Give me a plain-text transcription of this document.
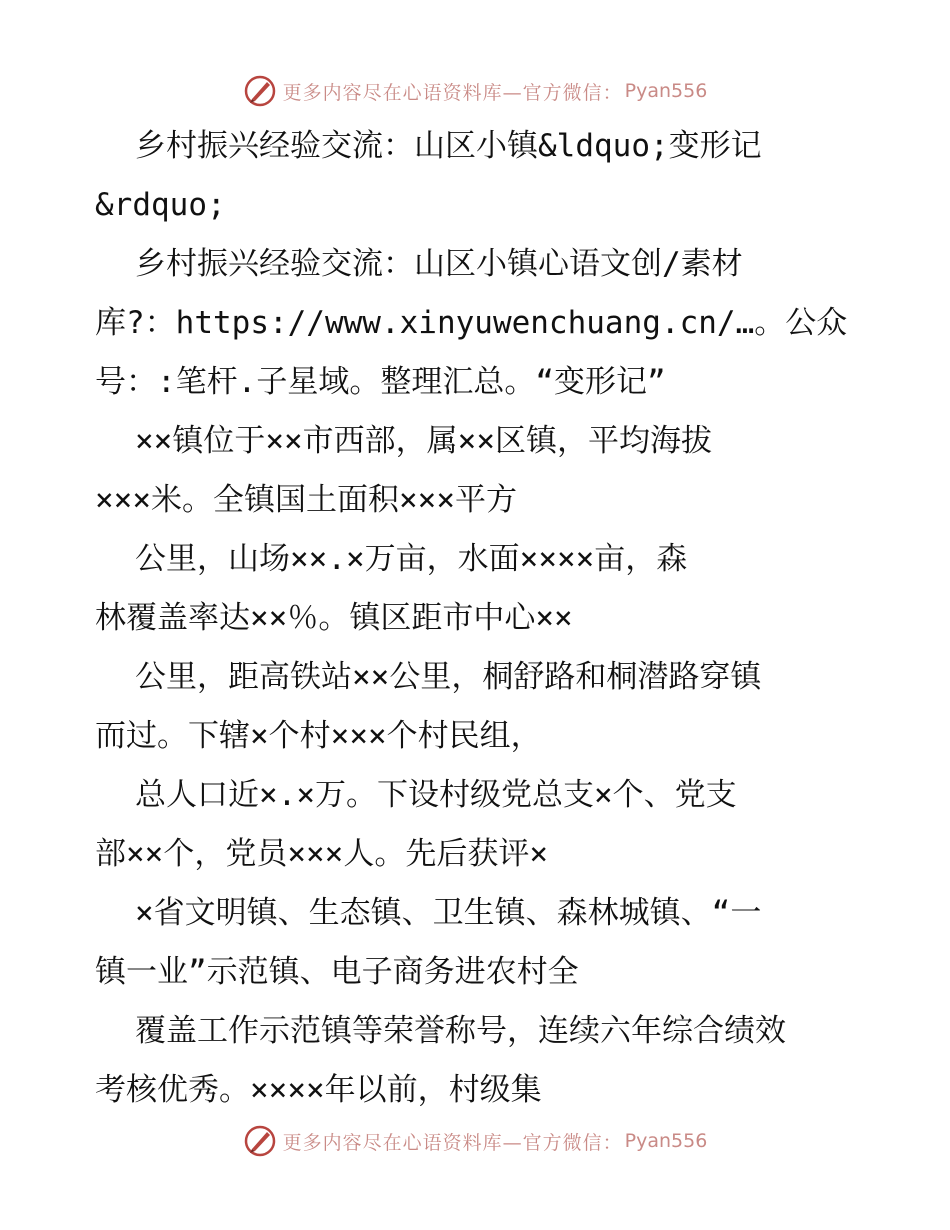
更多内容尽在心语资料库—官方微信： Pyan556
乡村振兴经验交流：山区小镇&ldquo;变形记
&rdquo;
乡村振兴经验交流：山区小镇心语文创/素材
库?：https://www.xinyuwenchuang.cn/…。公众
号：:笔杆.子星域。整理汇总。“变形记”
××镇位于××市西部，属××区镇，平均海拔
×××米。全镇国土面积×××平方
公里，山场××.×万亩，水面××××亩，森
林覆盖率达××％。镇区距市中心××
公里，距高铁站××公里，桐舒路和桐潜路穿镇
而过。下辖×个村×××个村民组，
总人口近×.×万。下设村级党总支×个、党支
部××个，党员×××人。先后获评×
×省文明镇、生态镇、卫生镇、森林城镇、“一
镇一业”示范镇、电子商务进农村全
覆盖工作示范镇等荣誉称号，连续六年综合绩效
考核优秀。××××年以前，村级集
更多内容尽在心语资料库—官方微信： Pyan556
